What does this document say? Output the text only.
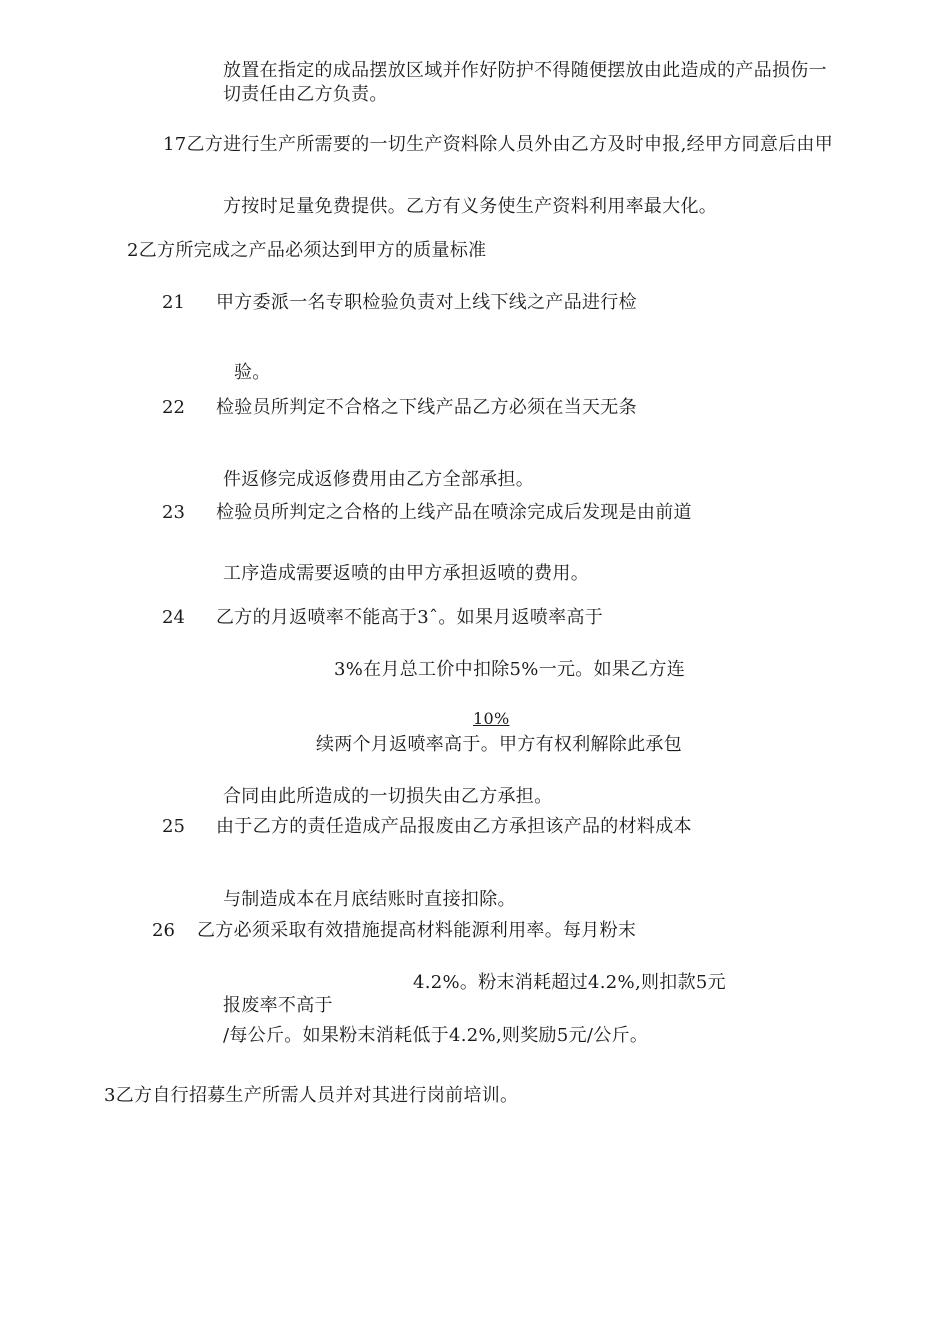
放置在指定的成品摆放区域并作好防护不得随便摆放由此造成的产品损伤一
切责任由乙方负责。
17乙方进行生产所需要的一切生产资料除人员外由乙方及时申报,经甲方同意后由甲
方按时足量免费提供。乙方有义务使生产资料利用率最大化。
2乙方所完成之产品必须达到甲方的质量标准
21 甲方委派一名专职检验负责对上线下线之产品进行检
验。
22 检验员所判定不合格之下线产品乙方必须在当天无条
件返修完成返修费用由乙方全部承担。
23 检验员所判定之合格的上线产品在喷涂完成后发现是由前道
工序造成需要返喷的由甲方承担返喷的费用。
24 乙方的月返喷率不能高于3ˆ。如果月返喷率高于
3%在月总工价中扣除5%一元。如果乙方连
10%
续两个月返喷率高于。甲方有权利解除此承包
合同由此所造成的一切损失由乙方承担。
25 由于乙方的责任造成产品报废由乙方承担该产品的材料成本
与制造成本在月底结账时直接扣除。
26 乙方必须采取有效措施提高材料能源利用率。每月粉末
4.2%。粉末消耗超过4.2%,则扣款5元
报废率不高于
/每公斤。如果粉末消耗低于4.2%,则奖励5元/公斤。
3乙方自行招募生产所需人员并对其进行岗前培训。
